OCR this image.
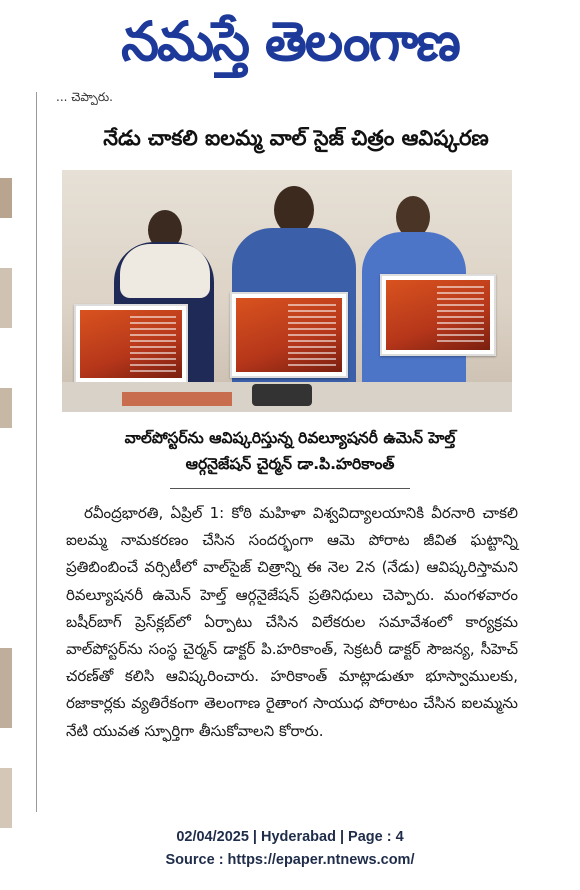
నమస్తే తెలంగాణ
$^{... చెప్పారు.}$
నేడు చాకలి ఐలమ్మ వాల్ సైజ్ చిత్రం ఆవిష్కరణ
వాల్‌పోస్టర్‌ను ఆవిష్కరిస్తున్న రివల్యూషనరీ ఉమెన్ హెల్త్
ఆర్గనైజేషన్ చైర్మన్ డా.పి.హరికాంత్

రవీంద్రభారతి, ఏప్రిల్ 1: కోఠి మహిళా విశ్వవిద్యాలయానికి వీరనారి చాకలి ఐలమ్మ నామకరణం చేసిన సందర్భంగా ఆమె పోరాట జీవిత ఘట్టాన్ని ప్రతిబింబించే వర్సిటీలో వాల్‌సైజ్ చిత్రాన్ని ఈ నెల 2న (నేడు) ఆవిష్కరిస్తామని రివల్యూషనరీ ఉమెన్ హెల్త్ ఆర్గనైజేషన్ ప్రతినిధులు చెప్పారు. మంగళవారం బషీర్‌బాగ్ ప్రెస్‌క్లబ్‌లో ఏర్పాటు చేసిన విలేకరుల సమావేశంలో కార్యక్రమ వాల్‌పోస్టర్‌ను సంస్థ చైర్మన్ డాక్టర్ పి.హరికాంత్, సెక్రటరీ డాక్టర్ సౌజన్య, సీహెచ్ చరణ్‌తో కలిసి ఆవిష్కరించారు. హరికాంత్ మాట్లాడుతూ భూస్వాములకు, రజాకార్లకు వ్యతిరేకంగా తెలంగాణ రైతాంగ సాయుధ పోరాటం చేసిన ఐలమ్మను నేటి యువత స్ఫూర్తిగా తీసుకోవాలని కోరారు.

02/04/2025 | Hyderabad | Page : 4
Source : https://epaper.ntnews.com/
